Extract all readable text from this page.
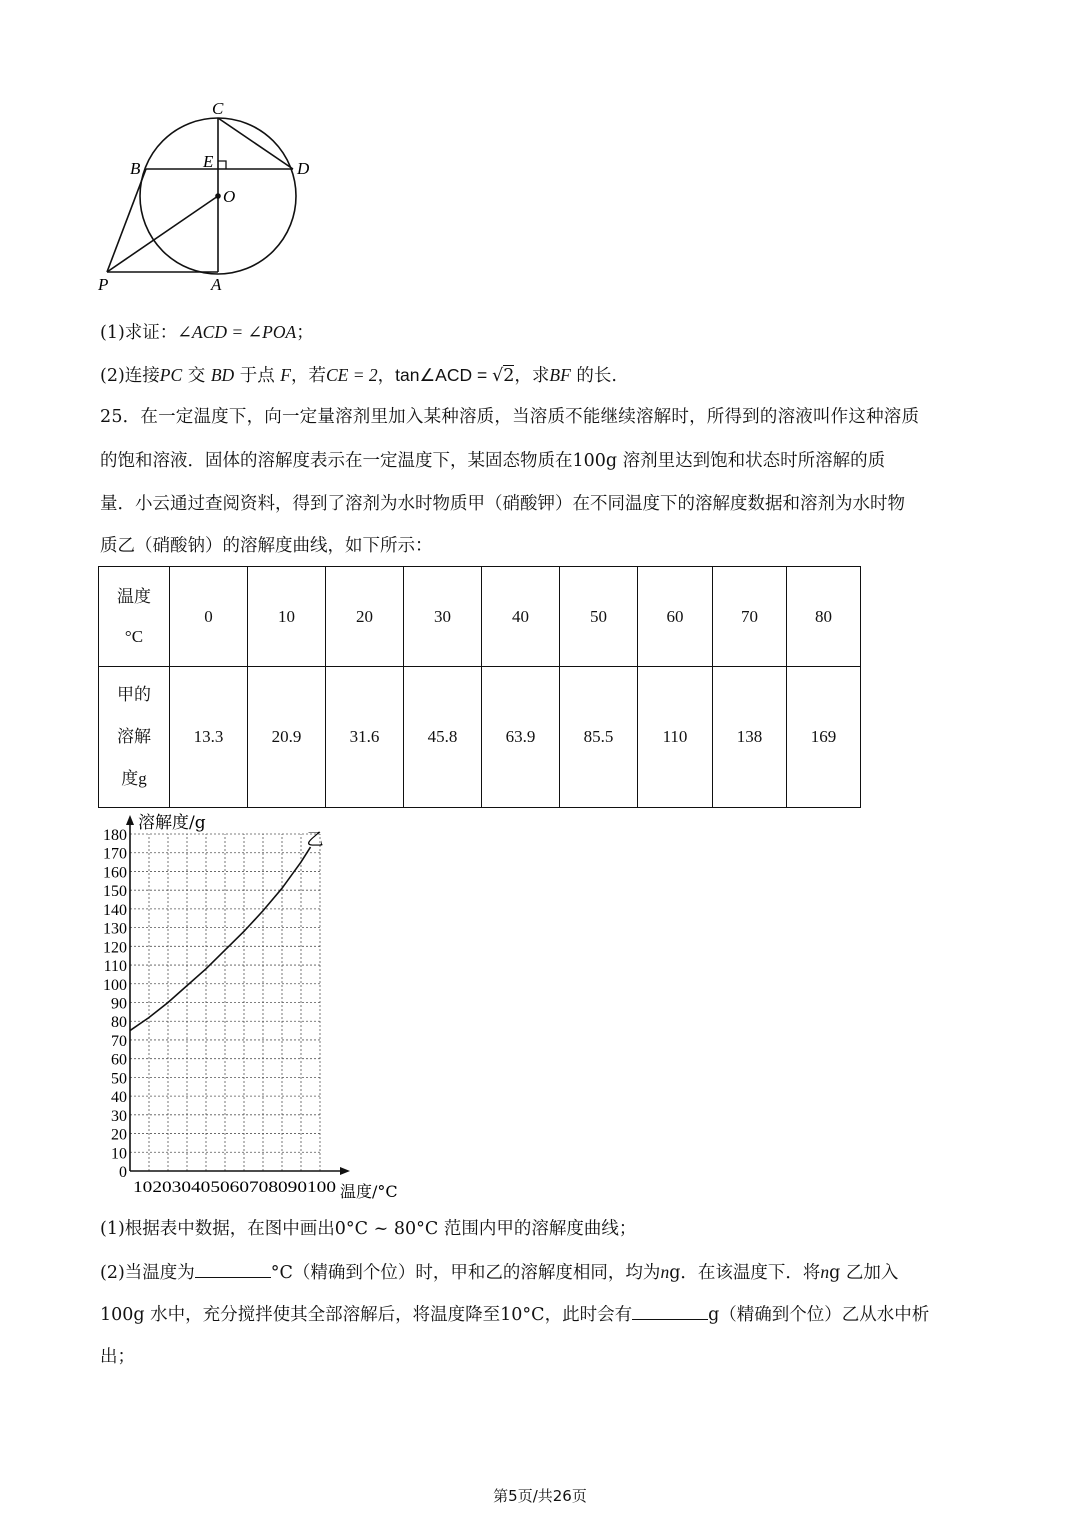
C
E
B	D
O
P	A
(1)求证：∠ACD = ∠POA；
(2)连接PC 交 BD 于点 F，若CE = 2，tan∠ACD = √2，求BF 的长.
25．在一定温度下，向一定量溶剂里加入某种溶质，当溶质不能继续溶解时，所得到的溶液叫作这种溶质
的饱和溶液．固体的溶解度表示在一定温度下，某固态物质在100g 溶剂里达到饱和状态时所溶解的质
量．小云通过查阅资料，得到了溶剂为水时物质甲（硝酸钾）在不同温度下的溶解度数据和溶剂为水时物
质乙（硝酸钠）的溶解度曲线，如下所示：
温度
°C	0	10	20	30	40	50	60	70	80
甲的
溶解
度g	13.3	20.9	31.6	45.8	63.9	85.5	110	138	169
0
10
20
30
40
50
60
70
80
90
100
110
120
130
140
150
160
170
180
102030405060708090100
溶解度/g
温度/°C
乙
(1)根据表中数据，在图中画出0°C ~ 80°C 范围内甲的溶解度曲线；
(2)当温度为	°C（精确到个位）时，甲和乙的溶解度相同，均为ng．在该温度下．将ng 乙加入
100g 水中，充分搅拌使其全部溶解后，将温度降至10°C，此时会有	g（精确到个位）乙从水中析
出；
第5页/共26页
